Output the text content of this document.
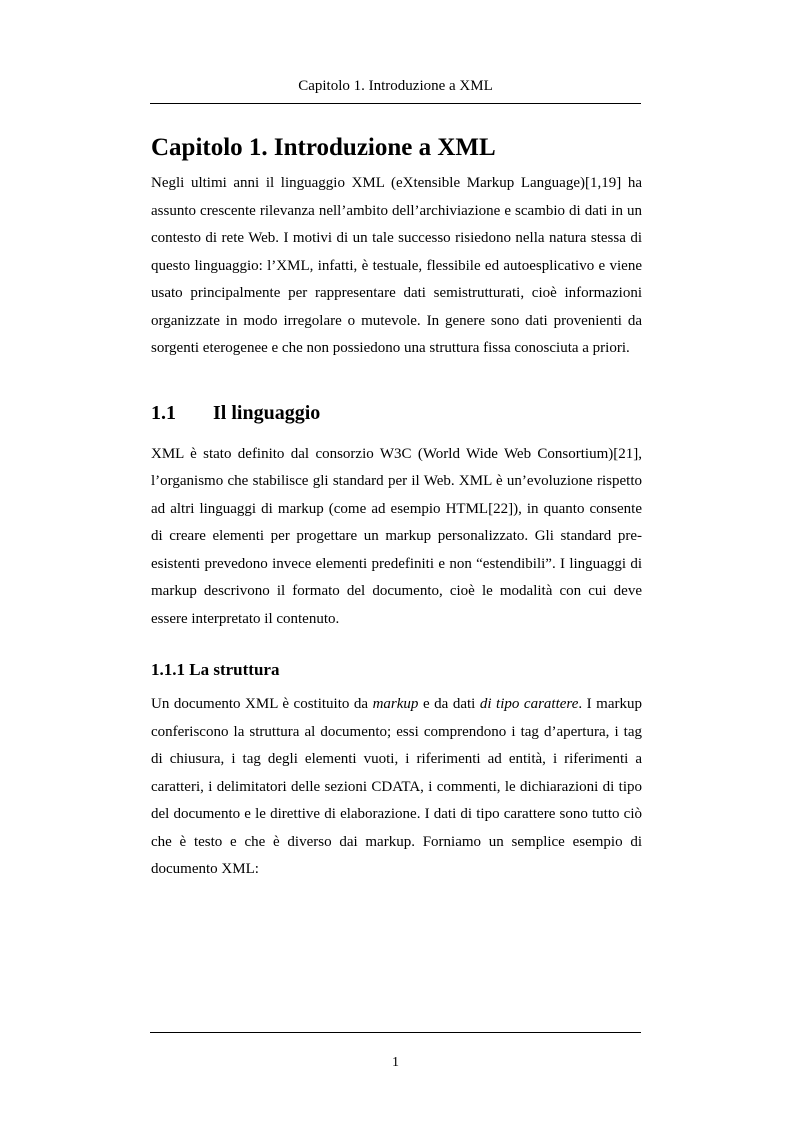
Capitolo 1. Introduzione a XML
Capitolo 1. Introduzione a XML

Negli ultimi anni il linguaggio XML (eXtensible Markup Language)[1,19] ha assunto crescente rilevanza nell’ambito dell’archiviazione e scambio di dati in un contesto di rete Web. I motivi di un tale successo risiedono nella natura stessa di questo linguaggio: l’XML, infatti, è testuale, flessibile ed autoesplicativo e viene usato principalmente per rappresentare dati semistrutturati, cioè informazioni organizzate in modo irregolare o mutevole. In genere sono dati provenienti da sorgenti eterogenee e che non possiedono una struttura fissa conosciuta a priori.

1.1 Il linguaggio

XML è stato definito dal consorzio W3C (World Wide Web Consortium)[21], l’organismo che stabilisce gli standard per il Web. XML è un’evoluzione rispetto ad altri linguaggi di markup (come ad esempio HTML[22]), in quanto consente di creare elementi per progettare un markup personalizzato. Gli standard pre-esistenti prevedono invece elementi predefiniti e non “estendibili”. I linguaggi di markup descrivono il formato del documento, cioè le modalità con cui deve essere interpretato il contenuto.

1.1.1 La struttura

Un documento XML è costituito da markup e da dati di tipo carattere. I markup conferiscono la struttura al documento; essi comprendono i tag d’apertura, i tag di chiusura, i tag degli elementi vuoti, i riferimenti ad entità, i riferimenti a caratteri, i delimitatori delle sezioni CDATA, i commenti, le dichiarazioni di tipo del documento e le direttive di elaborazione. I dati di tipo carattere sono tutto ciò che è testo e che è diverso dai markup. Forniamo un semplice esempio di documento XML:

1
